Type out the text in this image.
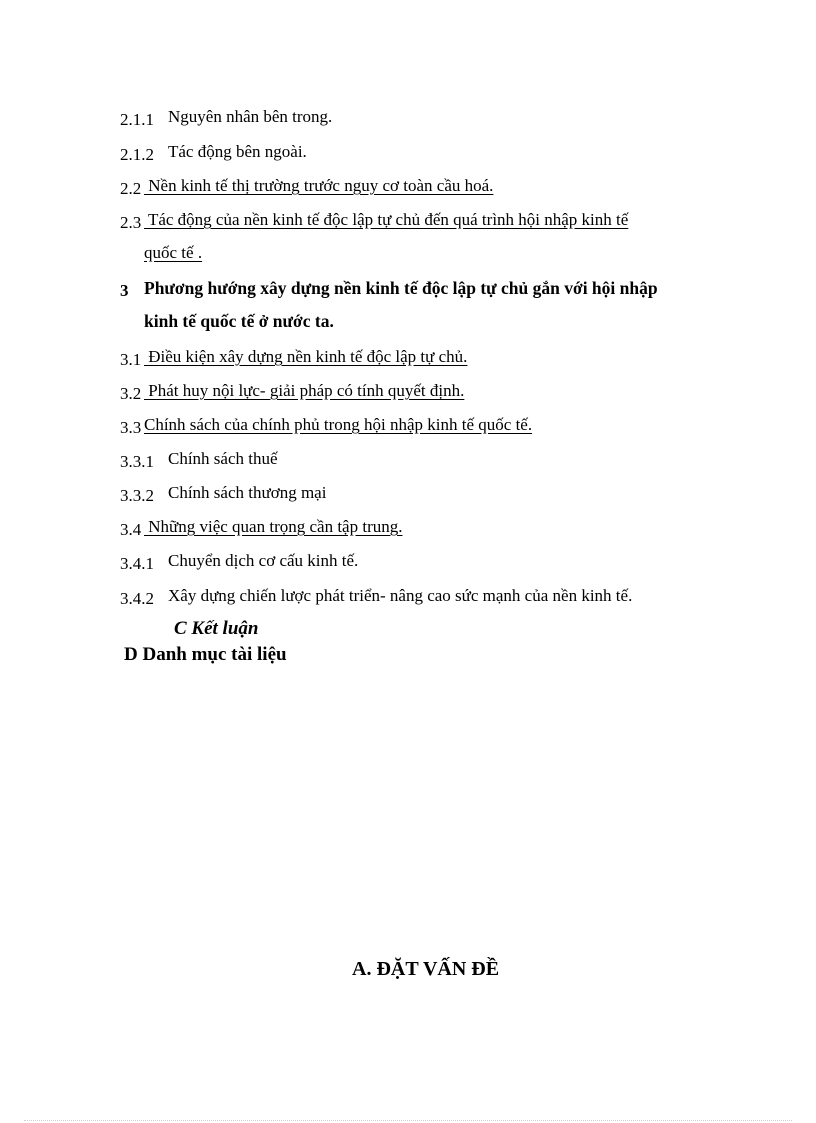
2.1.1 Nguyên nhân bên trong.
2.1.2 Tác động bên ngoài.
2.2 Nền kinh tế thị trường trước nguy cơ toàn cầu hoá.
2.3 Tác động của nền kinh tế độc lập tự chủ đến quá trình hội nhập kinh tế
quốc tế .
3 Phương hướng xây dựng nền kinh tế độc lập tự chủ gắn với hội nhập
kinh tế quốc tế ở nước ta.
3.1 Điều kiện xây dựng nền kinh tế độc lập tự chủ.
3.2 Phát huy nội lực- giải pháp có tính quyết định.
3.3 Chính sách của chính phủ trong hội nhập kinh tế quốc tế.
3.3.1 Chính sách thuế
3.3.2 Chính sách thương mại
3.4 Những việc quan trọng cần tập trung.
3.4.1 Chuyển dịch cơ cấu kinh tế.
3.4.2 Xây dựng chiến lược phát triển- nâng cao sức mạnh của nền kinh tế.
C Kết luận
D Danh mục tài liệu
A. ĐẶT VẤN ĐỀ
